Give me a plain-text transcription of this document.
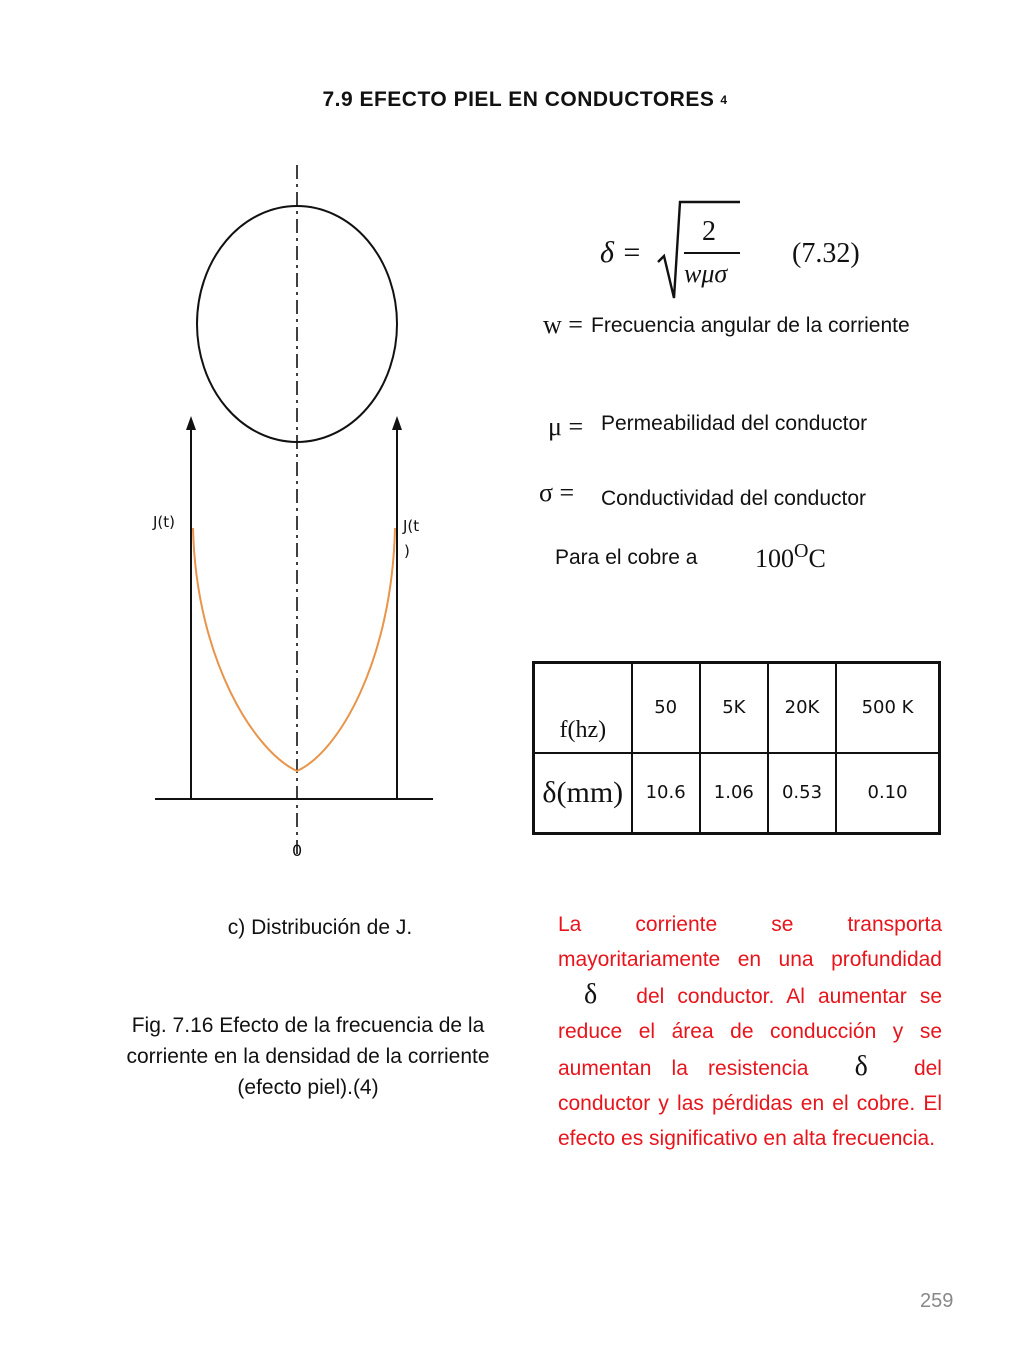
7.9 EFECTO PIEL EN CONDUCTORES 4
J(t)	J(t
)
0
δ =
2
wμσ
(7.32)
w = Frecuencia angular de la corriente
μ = Permeabilidad del conductor
σ = Conductividad del conductor
Para el cobre a $100^OC$
f(hz)	50	5K	20K	500 K
δ(mm)	10.6	1.06	0.53	0.10
c) Distribución de J.
Fig. 7.16 Efecto de la frecuencia de la corriente en la densidad de la corriente (efecto piel).(4)
La corriente se transporta mayoritariamente en una profundidad δ del conductor. Al aumentar se reduce el área de conducción y se aumentan la resistencia δ del conductor y las pérdidas en el cobre. El efecto es significativo en alta frecuencia.
259
